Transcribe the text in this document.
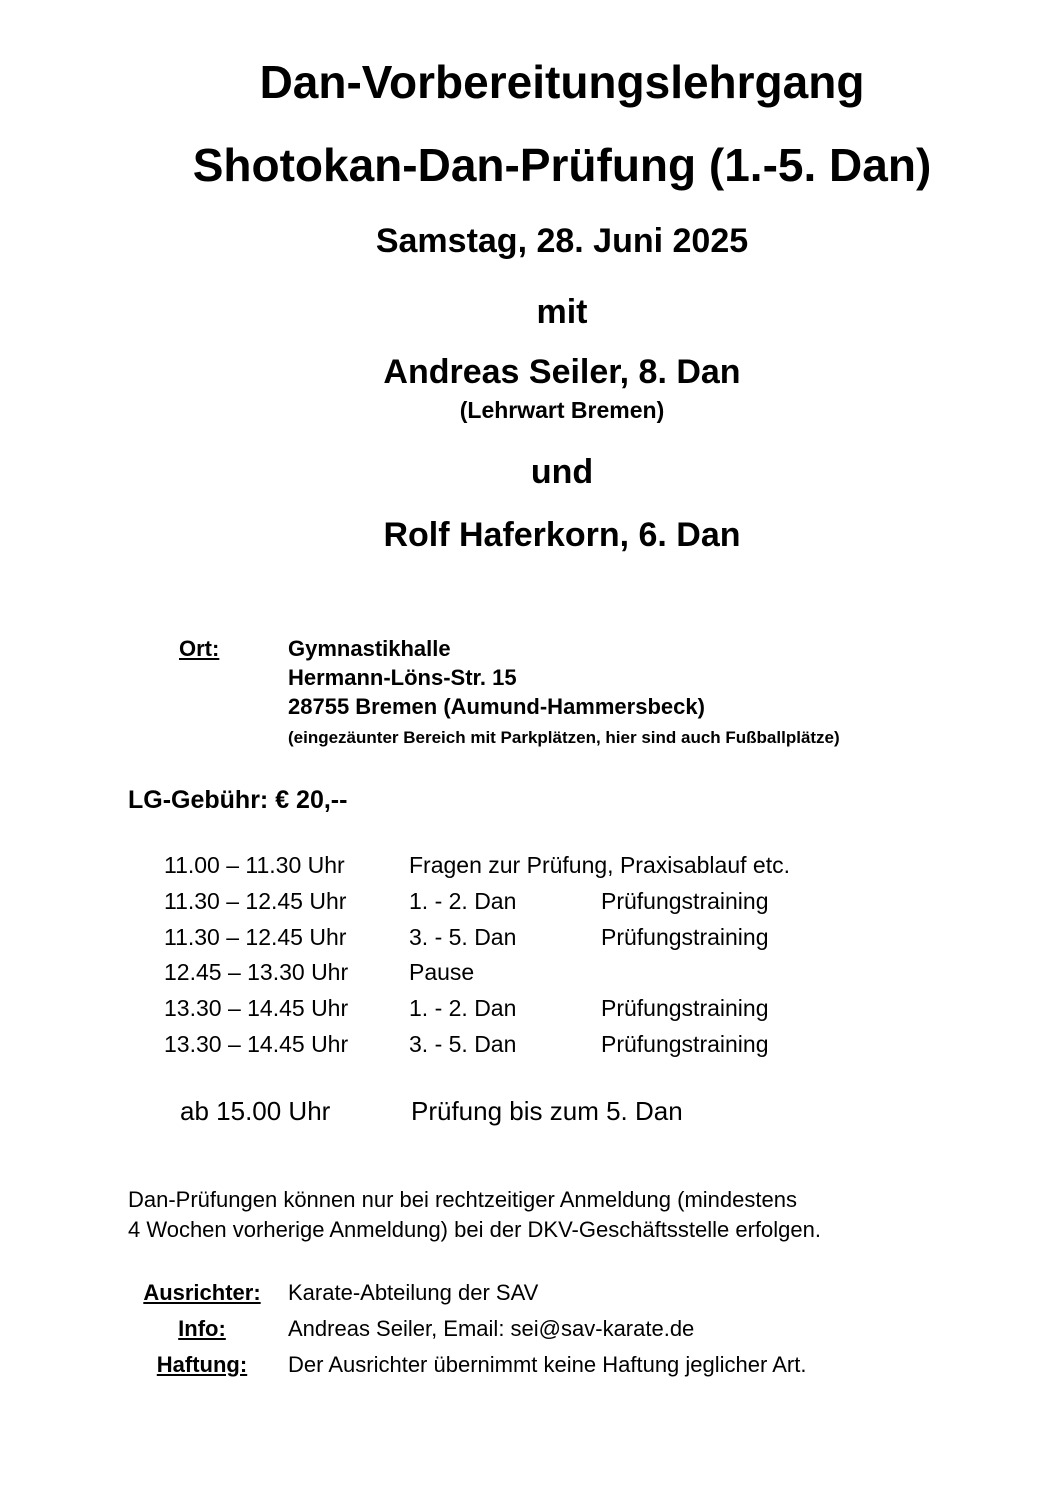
Dan-Vorbereitungslehrgang
Shotokan-Dan-Prüfung (1.-5. Dan)
Samstag, 28. Juni 2025
mit
Andreas Seiler, 8. Dan
(Lehrwart Bremen)
und
Rolf Haferkorn, 6. Dan
Ort:	Gymnastikhalle
Hermann-Löns-Str. 15
28755 Bremen (Aumund-Hammersbeck)
(eingezäunter Bereich mit Parkplätzen, hier sind auch Fußballplätze)
LG-Gebühr: € 20,--
11.00 – 11.30 Uhr	Fragen zur Prüfung, Praxisablauf etc.
11.30 – 12.45 Uhr	1. - 2. Dan	Prüfungstraining
11.30 – 12.45 Uhr	3. - 5. Dan	Prüfungstraining
12.45 – 13.30 Uhr	Pause
13.30 – 14.45 Uhr	1. - 2. Dan	Prüfungstraining
13.30 – 14.45 Uhr	3. - 5. Dan	Prüfungstraining
ab 15.00 Uhr	Prüfung bis zum 5. Dan
Dan-Prüfungen können nur bei rechtzeitiger Anmeldung (mindestens
4 Wochen vorherige Anmeldung) bei der DKV-Geschäftsstelle erfolgen.
Ausrichter:	Karate-Abteilung der SAV
Info:	Andreas Seiler, Email: sei@sav-karate.de
Haftung:	Der Ausrichter übernimmt keine Haftung jeglicher Art.
